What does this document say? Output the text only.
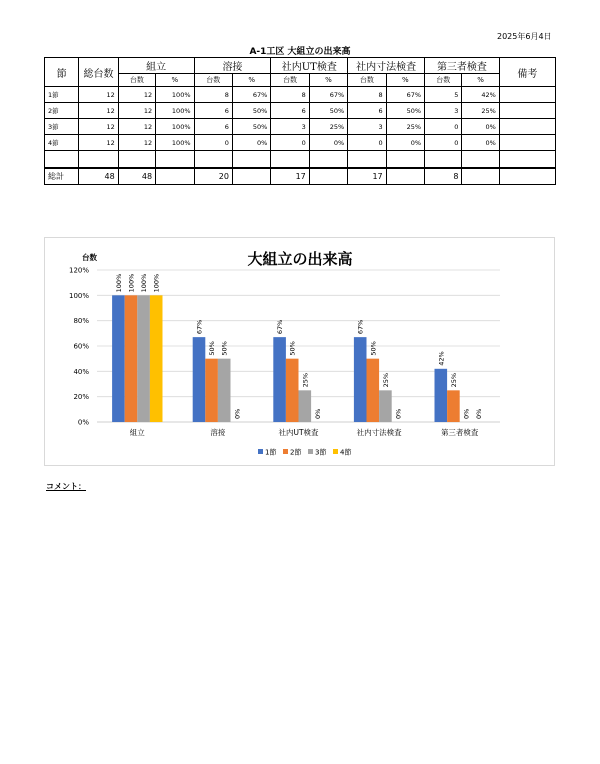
2025年6月4日
A-1工区 大組立の出来高
節	総台数	組立		溶接		社内UT検査		社内寸法検査		第三者検査		備考
		台数	%	台数	%	台数	%	台数	%	台数	%	
1節	12	12	100%	8	67%	8	67%	8	67%	5	42%	
2節	12	12	100%	6	50%	6	50%	6	50%	3	25%	
3節	12	12	100%	6	50%	3	25%	3	25%	0	0%	
4節	12	12	100%	0	0%	0	0%	0	0%	0	0%	

総計	48	48		20		17		17		8		
大組立の出来高
台数
100% 100% 100% 100%
67%
50% 50%
0%
67%
50%
25%
0%
67%
50%
25%
0%
42%
25%
0% 0%
0%
20%
40%
60%
80%
100%
120%
組立	溶接	社内UT検査	社内寸法検査	第三者検査
1節 2節 3節 4節
コメント：
